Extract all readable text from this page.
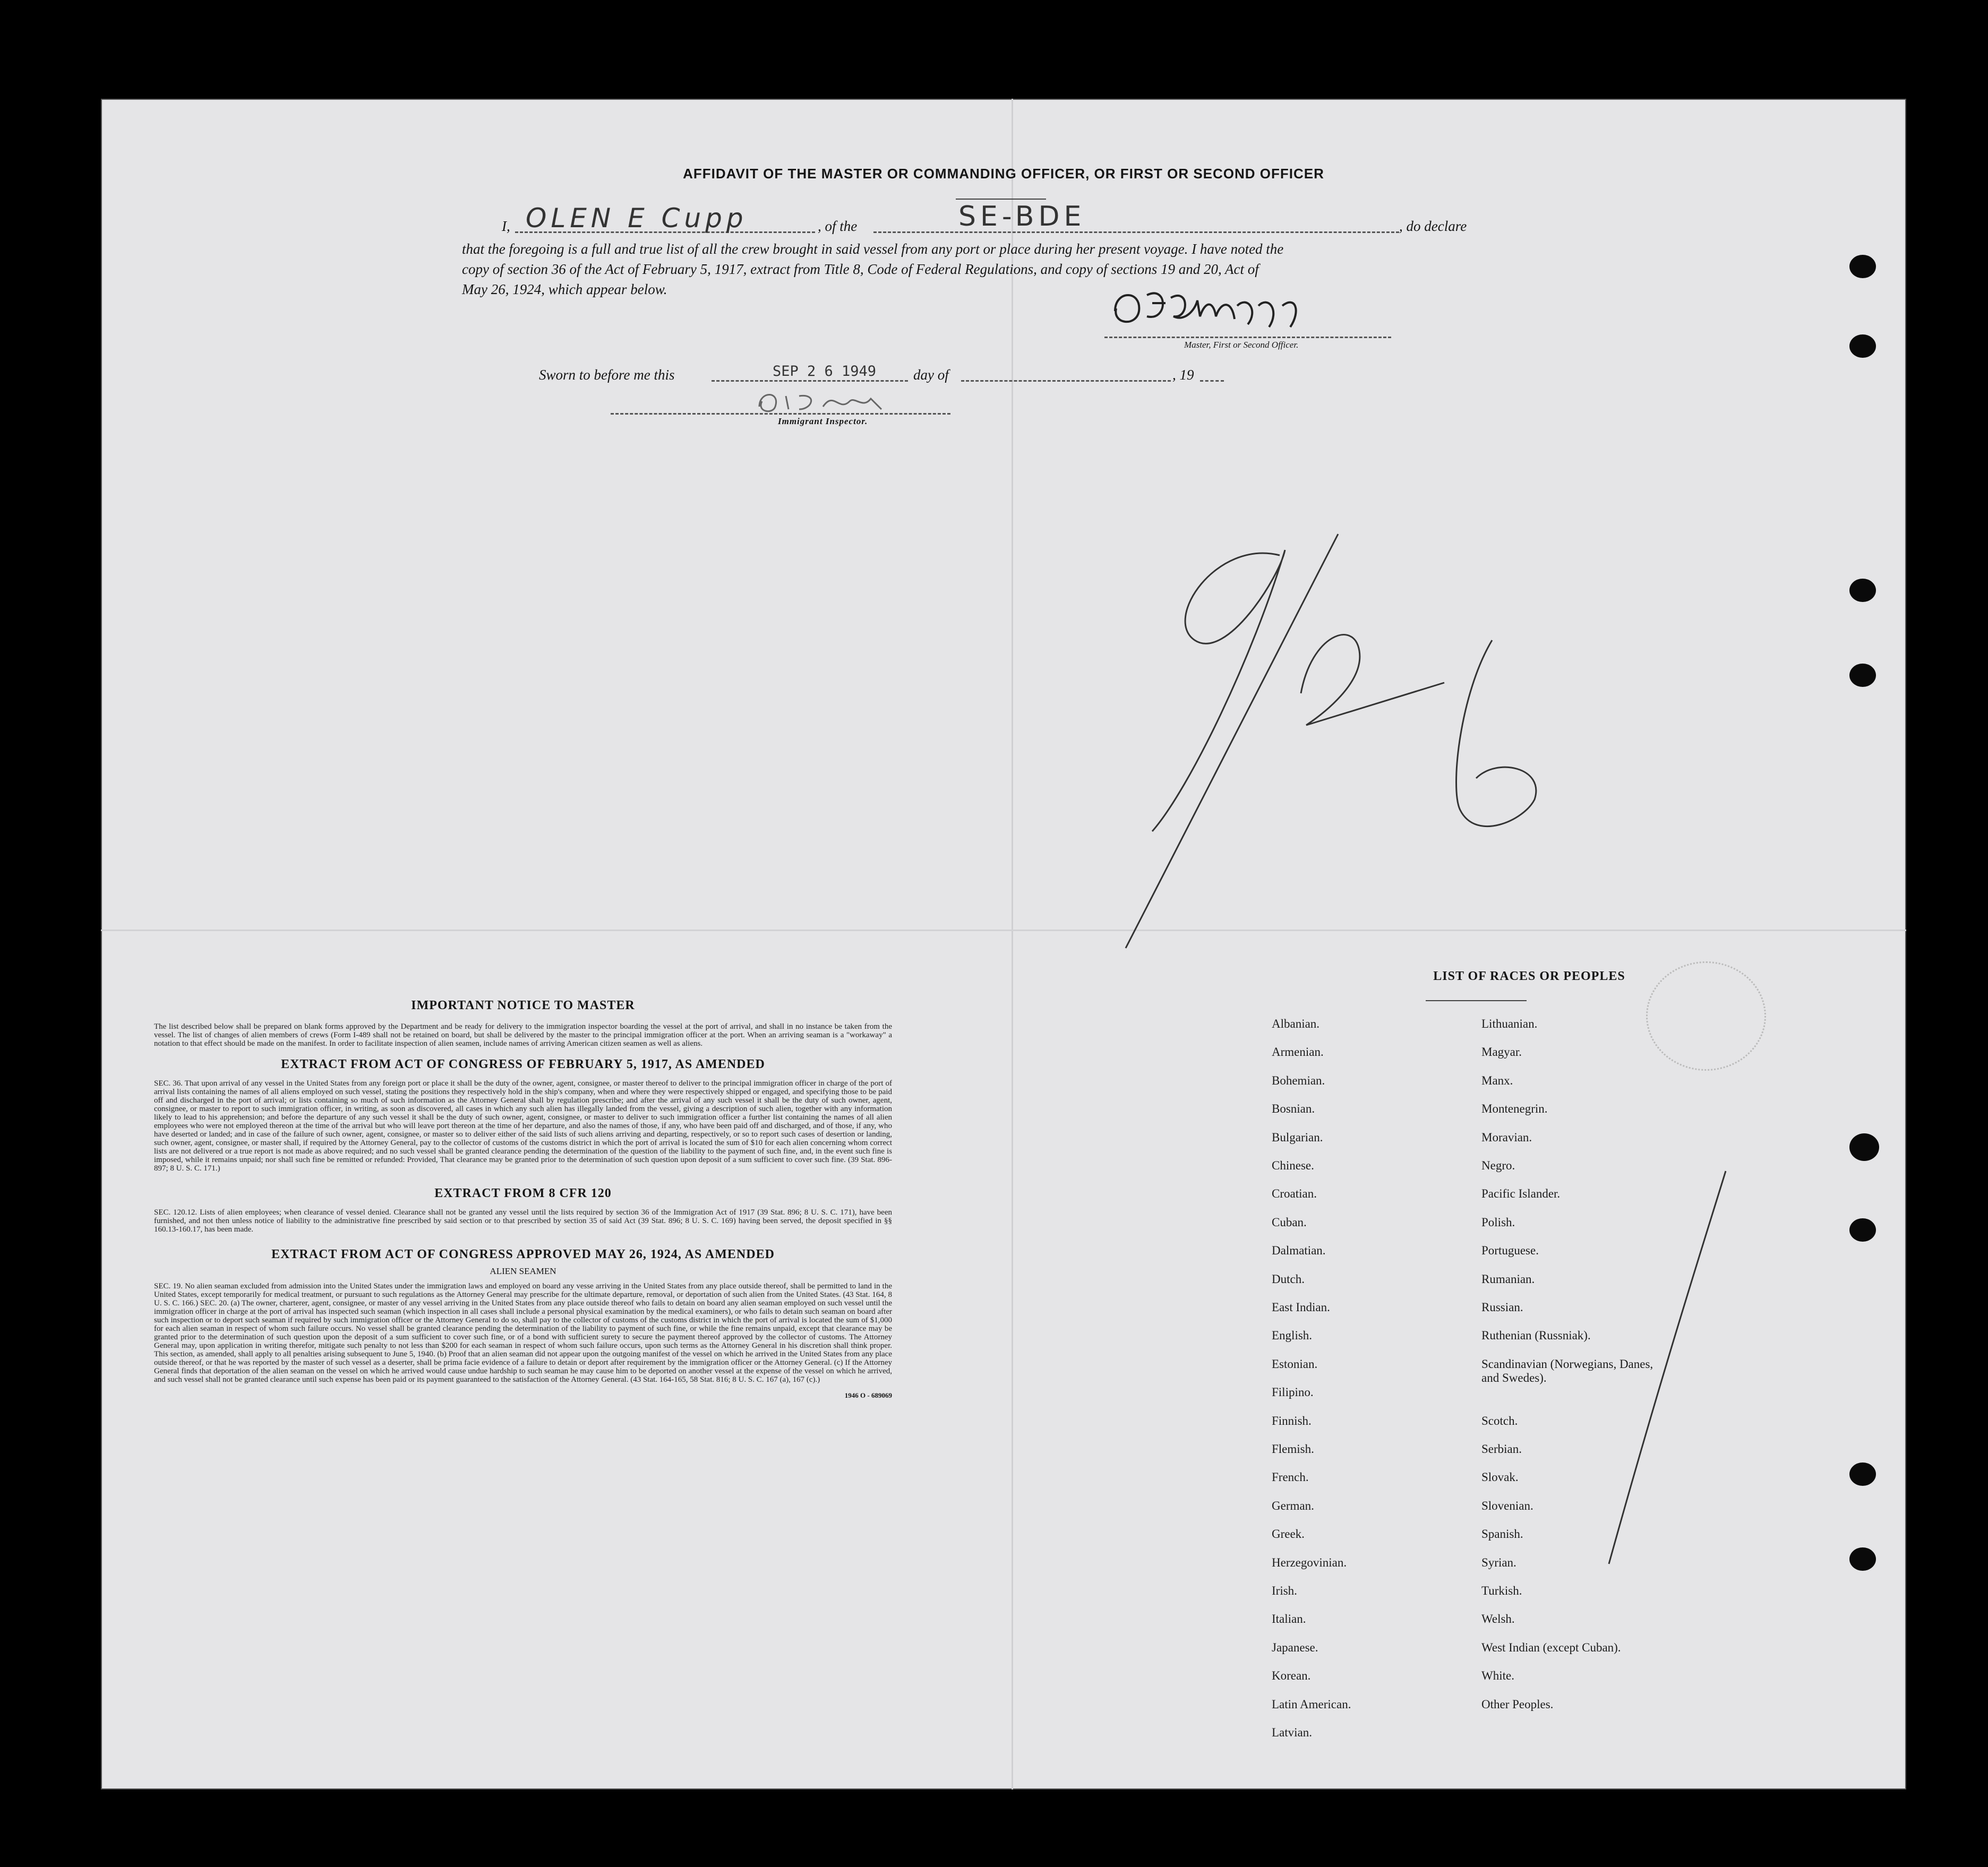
AFFIDAVIT OF THE MASTER OR COMMANDING OFFICER, OR FIRST OR SECOND OFFICER
I, OLEN E Cupp	, of the	SE-BDE	, do declare
that the foregoing is a full and true list of all the crew brought in said vessel from any port or place during her present voyage. I have noted the
copy of section 36 of the Act of February 5, 1917, extract from Title 8, Code of Federal Regulations, and copy of sections 19 and 20, Act of
May 26, 1924, which appear below.
Master, First or Second Officer.
Sworn to before me this	SEP 2 6 1949	day of	, 19
Immigrant Inspector.	9/26
IMPORTANT NOTICE TO MASTER
The list described below shall be prepared on blank forms approved by the Department and be ready for delivery to the immigration inspector boarding the vessel at the port of arrival, and shall in no instance be taken from the vessel. The list of changes of alien members of crews (Form I-489 shall not be retained on board, but shall be delivered by the master to the principal immigration officer at the port. When an arriving seaman is a "workaway" a notation to that effect should be made on the manifest. In order to facilitate inspection of alien seamen, include names of arriving American citizen seamen as well as aliens.
EXTRACT FROM ACT OF CONGRESS OF FEBRUARY 5, 1917, AS AMENDED
SEC. 36. That upon arrival of any vessel in the United States from any foreign port or place it shall be the duty of the owner, agent, consignee, or master thereof to deliver to the principal immigration officer in charge of the port of arrival lists containing the names of all aliens employed on such vessel, stating the positions they respectively hold in the ship's company, when and where they were respectively shipped or engaged, and specifying those to be paid off and discharged in the port of arrival; or lists containing so much of such information as the Attorney General shall by regulation prescribe; and after the arrival of any such vessel it shall be the duty of such owner, agent, consignee, or master to report to such immigration officer, in writing, as soon as discovered, all cases in which any such alien has illegally landed from the vessel, giving a description of such alien, together with any information likely to lead to his apprehension; and before the departure of any such vessel it shall be the duty of such owner, agent, consignee, or master to deliver to such immigration officer a further list containing the names of all alien employees who were not employed thereon at the time of the arrival but who will leave port thereon at the time of her departure, and also the names of those, if any, who have been paid off and discharged, and of those, if any, who have deserted or landed; and in case of the failure of such owner, agent, consignee, or master so to deliver either of the said lists of such aliens arriving and departing, respectively, or so to report such cases of desertion or landing, such owner, agent, consignee, or master shall, if required by the Attorney General, pay to the collector of customs of the customs district in which the port of arrival is located the sum of $10 for each alien concerning whom correct lists are not delivered or a true report is not made as above required; and no such vessel shall be granted clearance pending the determination of the question of the liability to the payment of such fine, and, in the event such fine is imposed, while it remains unpaid; nor shall such fine be remitted or refunded: Provided, That clearance may be granted prior to the determination of such question upon deposit of a sum sufficient to cover such fine. (39 Stat. 896-897; 8 U. S. C. 171.)
EXTRACT FROM 8 CFR 120
SEC. 120.12. Lists of alien employees; when clearance of vessel denied. Clearance shall not be granted any vessel until the lists required by section 36 of the Immigration Act of 1917 (39 Stat. 896; 8 U. S. C. 171), have been furnished, and not then unless notice of liability to the administrative fine prescribed by said section or to that prescribed by section 35 of said Act (39 Stat. 896; 8 U. S. C. 169) having been served, the deposit specified in §§ 160.13-160.17, has been made.
EXTRACT FROM ACT OF CONGRESS APPROVED MAY 26, 1924, AS AMENDED
ALIEN SEAMEN
SEC. 19. No alien seaman excluded from admission into the United States under the immigration laws and employed on board any vesse arriving in the United States from any place outside thereof, shall be permitted to land in the United States, except temporarily for medical treatment, or pursuant to such regulations as the Attorney General may prescribe for the ultimate departure, removal, or deportation of such alien from the United States. (43 Stat. 164, 8 U. S. C. 166.) SEC. 20. (a) The owner, charterer, agent, consignee, or master of any vessel arriving in the United States from any place outside thereof who fails to detain on board any alien seaman employed on such vessel until the immigration officer in charge at the port of arrival has inspected such seaman (which inspection in all cases shall include a personal physical examination by the medical examiners), or who fails to detain such seaman on board after such inspection or to deport such seaman if required by such immigration officer or the Attorney General to do so, shall pay to the collector of customs of the customs district in which the port of arrival is located the sum of $1,000 for each alien seaman in respect of whom such failure occurs. No vessel shall be granted clearance pending the determination of the liability to payment of such fine, or while the fine remains unpaid, except that clearance may be granted prior to the determination of such question upon the deposit of a sum sufficient to cover such fine, or of a bond with sufficient surety to secure the payment thereof approved by the collector of customs. The Attorney General may, upon application in writing therefor, mitigate such penalty to not less than $200 for each seaman in respect of whom such failure occurs, upon such terms as the Attorney General in his discretion shall think proper. This section, as amended, shall apply to all penalties arising subsequent to June 5, 1940. (b) Proof that an alien seaman did not appear upon the outgoing manifest of the vessel on which he arrived in the United States from any place outside thereof, or that he was reported by the master of such vessel as a deserter, shall be prima facie evidence of a failure to detain or deport after requirement by the immigration officer or the Attorney General. (c) If the Attorney General finds that deportation of the alien seaman on the vessel on which he arrived would cause undue hardship to such seaman he may cause him to be deported on another vessel at the expense of the vessel on which he arrived, and such vessel shall not be granted clearance until such expense has been paid or its payment guaranteed to the satisfaction of the Attorney General. (43 Stat. 164-165, 58 Stat. 816; 8 U. S. C. 167 (a), 167 (c).)
1946 O - 689069
LIST OF RACES OR PEOPLES
Albanian.
Armenian.
Bohemian.
Bosnian.
Bulgarian.
Chinese.
Croatian.
Cuban.
Dalmatian.
Dutch.
East Indian.
English.
Estonian.
Filipino.
Finnish.
Flemish.
French.
German.
Greek.
Herzegovinian.
Irish.
Italian.
Japanese.
Korean.
Latin American.
Latvian.
Lithuanian.
Magyar.
Manx.
Montenegrin.
Moravian.
Negro.
Pacific Islander.
Polish.
Portuguese.
Rumanian.
Russian.
Ruthenian (Russniak).
Scandinavian (Norwegians, Danes, and Swedes).
Scotch.
Serbian.
Slovak.
Slovenian.
Spanish.
Syrian.
Turkish.
Welsh.
West Indian (except Cuban).
White.
Other Peoples.
